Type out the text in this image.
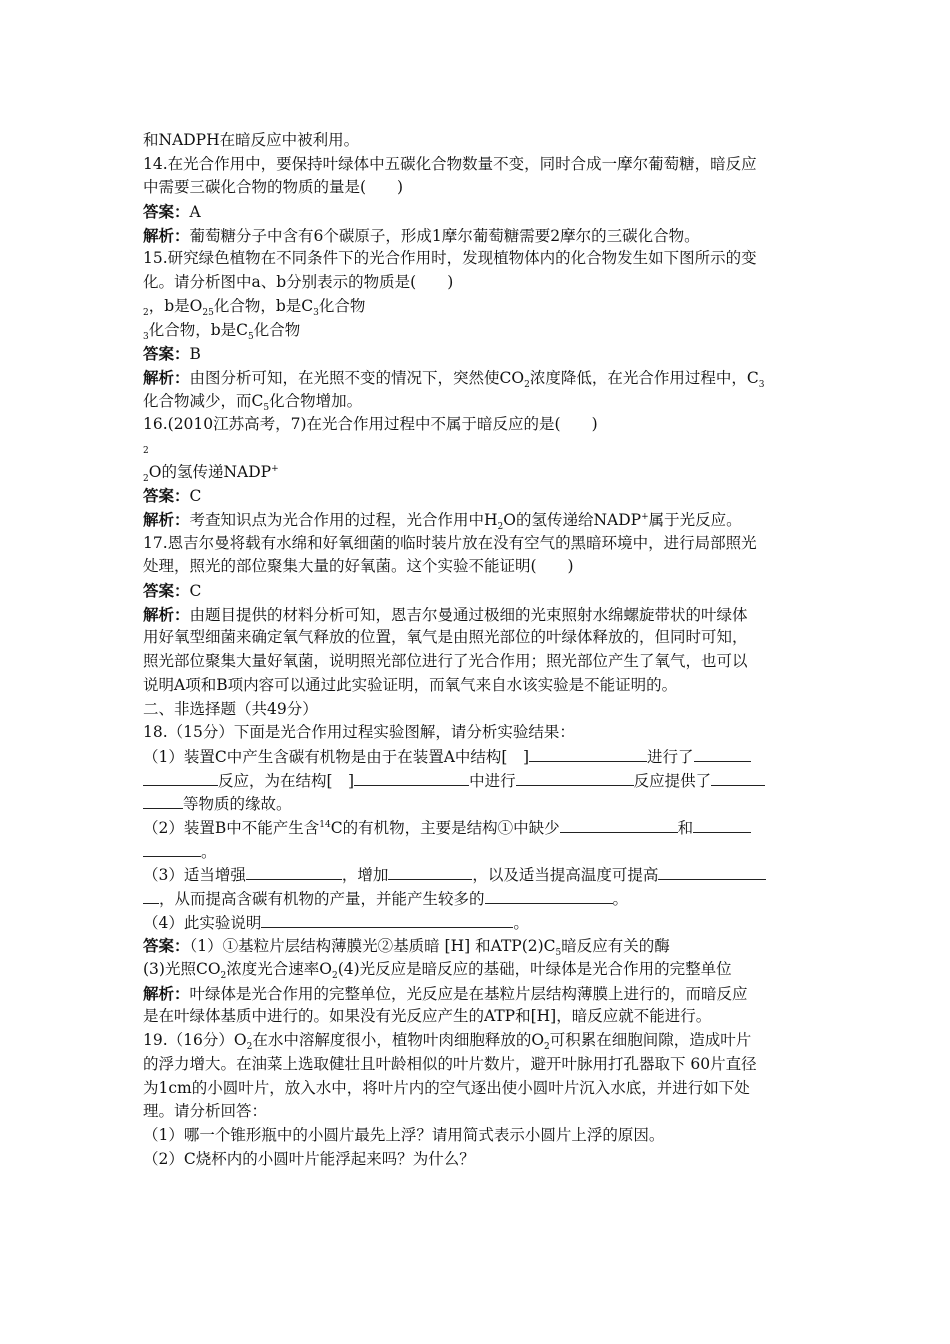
和NADPH在暗反应中被利用。
14.在光合作用中，要保持叶绿体中五碳化合物数量不变，同时合成一摩尔葡萄糖，暗反应
中需要三碳化合物的物质的量是(　　)
答案：A
解析：葡萄糖分子中含有6个碳原子，形成1摩尔葡萄糖需要2摩尔的三碳化合物。
15.研究绿色植物在不同条件下的光合作用时，发现植物体内的化合物发生如下图所示的变
化。请分析图中a、b分别表示的物质是(　　)
$_2$，b是$O_{25}$化合物，b是$C_3$化合物
$_3$化合物，b是$C_5$化合物
答案：B
解析：由图分析可知，在光照不变的情况下，突然使$CO_2$浓度降低，在光合作用过程中，$C_3$
化合物减少，而$C_5$化合物增加。
16.(2010江苏高考，7)在光合作用过程中不属于暗反应的是(　　)
2
$_2$O的氢传递NADP+
答案：C
解析：考查知识点为光合作用的过程，光合作用中$H_2O$的氢传递给NADP+属于光反应。
17.恩吉尔曼将载有水绵和好氧细菌的临时装片放在没有空气的黑暗环境中，进行局部照光
处理，照光的部位聚集大量的好氧菌。这个实验不能证明(　　)
答案：C
解析：由题目提供的材料分析可知，恩吉尔曼通过极细的光束照射水绵螺旋带状的叶绿体
用好氧型细菌来确定氧气释放的位置，氧气是由照光部位的叶绿体释放的，但同时可知，
照光部位聚集大量好氧菌，说明照光部位进行了光合作用；照光部位产生了氧气，也可以
说明A项和B项内容可以通过此实验证明，而氧气来自水该实验是不能证明的。
二、非选择题（共49分）
18.（15分）下面是光合作用过程实验图解，请分析实验结果：
（1）装置C中产生含碳有机物是由于在装置A中结构[　]	进行了
反应，为在结构[　]	中进行	反应提供了
等物质的缘故。
（2）装置B中不能产生含$^{14}$C的有机物，主要是结构①中缺少	和
。
（3）适当增强	，增加	，以及适当提高温度可提高
，从而提高含碳有机物的产量，并能产生较多的	。
（4）此实验说明	。
答案：（1）①基粒片层结构薄膜光②基质暗 [H] 和$ATP(2)C_5$暗反应有关的酶
(3)光照$CO_2$浓度光合速率$O_2(4)$光反应是暗反应的基础，叶绿体是光合作用的完整单位
解析：叶绿体是光合作用的完整单位，光反应是在基粒片层结构薄膜上进行的，而暗反应
是在叶绿体基质中进行的。如果没有光反应产生的ATP和[H]，暗反应就不能进行。
19.（16分）$O_2$在水中溶解度很小，植物叶肉细胞释放的$O_2$可积累在细胞间隙，造成叶片
的浮力增大。在油菜上选取健壮且叶龄相似的叶片数片，避开叶脉用打孔器取下 60片直径
为1cm的小圆叶片，放入水中，将叶片内的空气逐出使小圆叶片沉入水底，并进行如下处
理。请分析回答：
（1）哪一个锥形瓶中的小圆片最先上浮？请用简式表示小圆片上浮的原因。
（2）C烧杯内的小圆叶片能浮起来吗？为什么？
